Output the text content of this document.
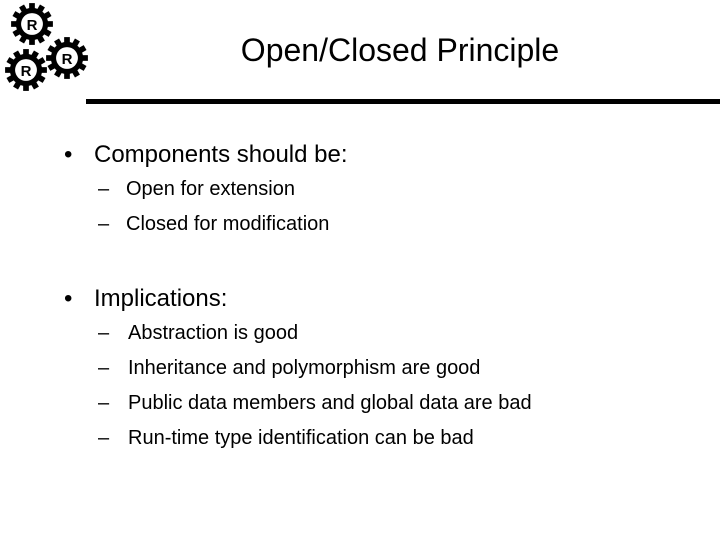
R
R
R	Open/Closed Principle
• Components should be:
– Open for extension
– Closed for modification
• Implications:
– Abstraction is good
– Inheritance and polymorphism are good
– Public data members and global data are bad
– Run-time type identification can be bad
